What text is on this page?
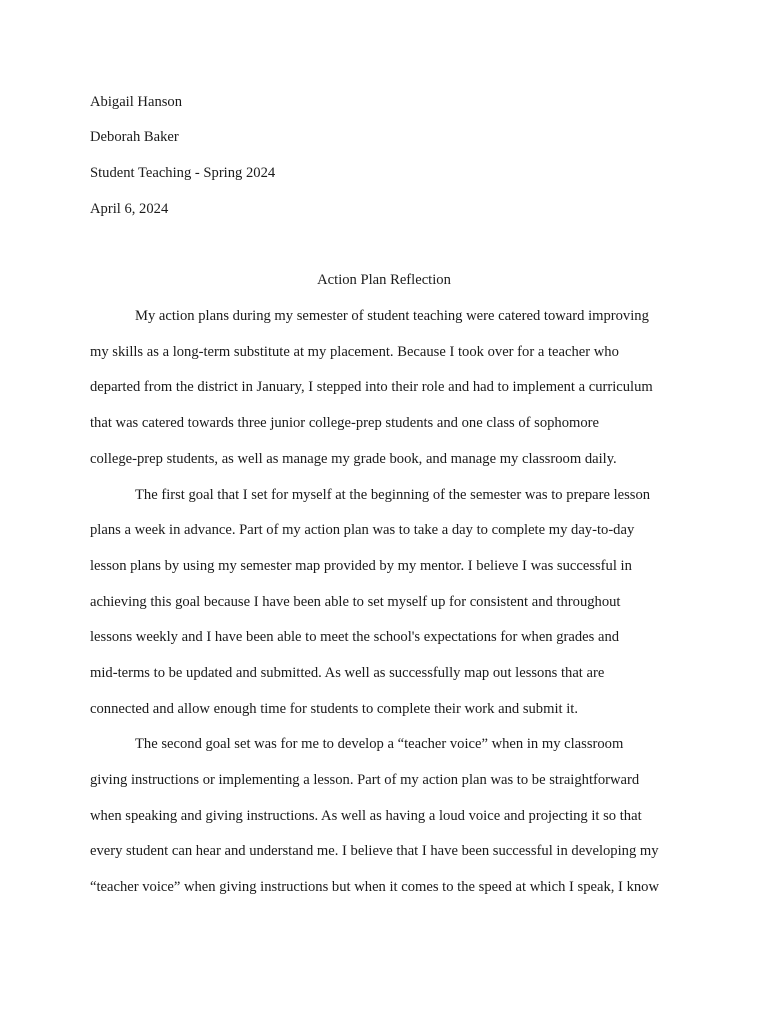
Abigail Hanson
Deborah Baker
Student Teaching - Spring 2024
April 6, 2024
Action Plan Reflection
My action plans during my semester of student teaching were catered toward improving
my skills as a long-term substitute at my placement. Because I took over for a teacher who
departed from the district in January, I stepped into their role and had to implement a curriculum
that was catered towards three junior college-prep students and one class of sophomore
college-prep students, as well as manage my grade book, and manage my classroom daily.
The first goal that I set for myself at the beginning of the semester was to prepare lesson
plans a week in advance. Part of my action plan was to take a day to complete my day-to-day
lesson plans by using my semester map provided by my mentor. I believe I was successful in
achieving this goal because I have been able to set myself up for consistent and throughout
lessons weekly and I have been able to meet the school's expectations for when grades and
mid-terms to be updated and submitted. As well as successfully map out lessons that are
connected and allow enough time for students to complete their work and submit it.
The second goal set was for me to develop a “teacher voice” when in my classroom
giving instructions or implementing a lesson. Part of my action plan was to be straightforward
when speaking and giving instructions. As well as having a loud voice and projecting it so that
every student can hear and understand me. I believe that I have been successful in developing my
“teacher voice” when giving instructions but when it comes to the speed at which I speak, I know
